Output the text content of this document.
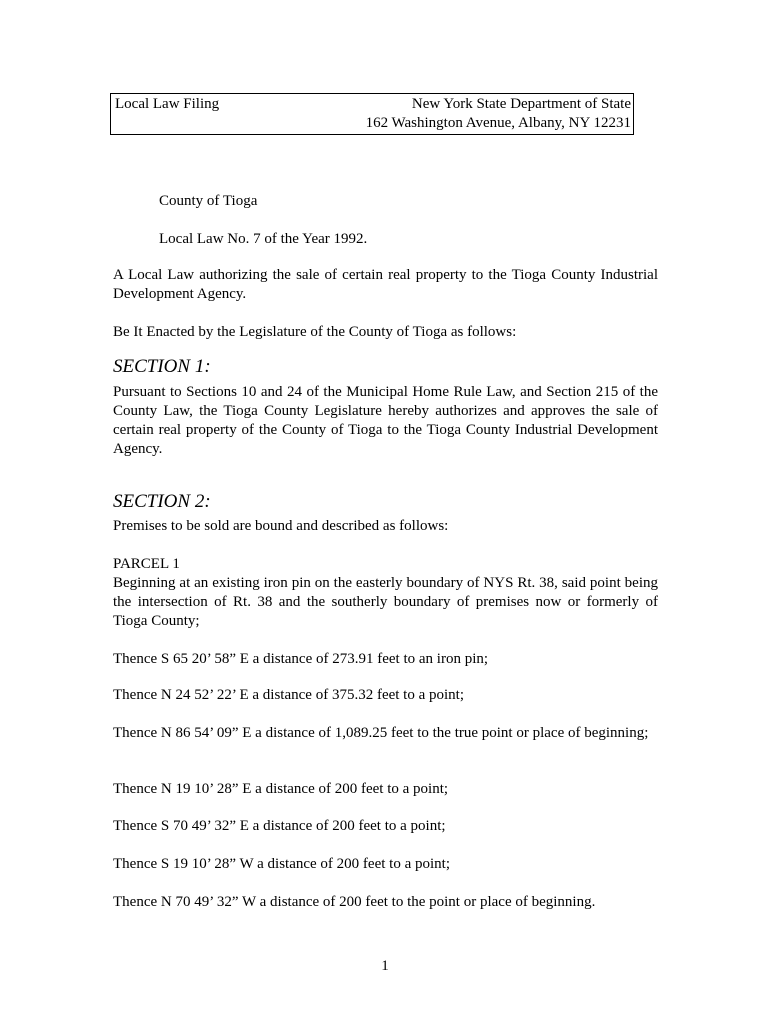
Local Law Filing	New York State Department of State
162 Washington Avenue, Albany, NY 12231
County of Tioga
Local Law No. 7 of the Year 1992.
A Local Law authorizing the sale of certain real property to the Tioga County Industrial Development Agency.
Be It Enacted by the Legislature of the County of Tioga as follows:
SECTION 1:
Pursuant to Sections 10 and 24 of the Municipal Home Rule Law, and Section 215 of the County Law, the Tioga County Legislature hereby authorizes and approves the sale of certain real property of the County of Tioga to the Tioga County Industrial Development Agency.
SECTION 2:
Premises to be sold are bound and described as follows:
PARCEL 1
Beginning at an existing iron pin on the easterly boundary of NYS Rt. 38, said point being the intersection of Rt. 38 and the southerly boundary of premises now or formerly of Tioga County;
Thence S 65 20’ 58” E a distance of 273.91 feet to an iron pin;
Thence N 24 52’ 22’ E a distance of 375.32 feet to a point;
Thence N 86 54’ 09” E a distance of 1,089.25 feet to the true point or place of beginning;
Thence N 19 10’ 28” E a distance of 200 feet to a point;
Thence S 70 49’ 32” E a distance of 200 feet to a point;
Thence S 19 10’ 28” W a distance of 200 feet to a point;
Thence N 70 49’ 32” W a distance of 200 feet to the point or place of beginning.
1
